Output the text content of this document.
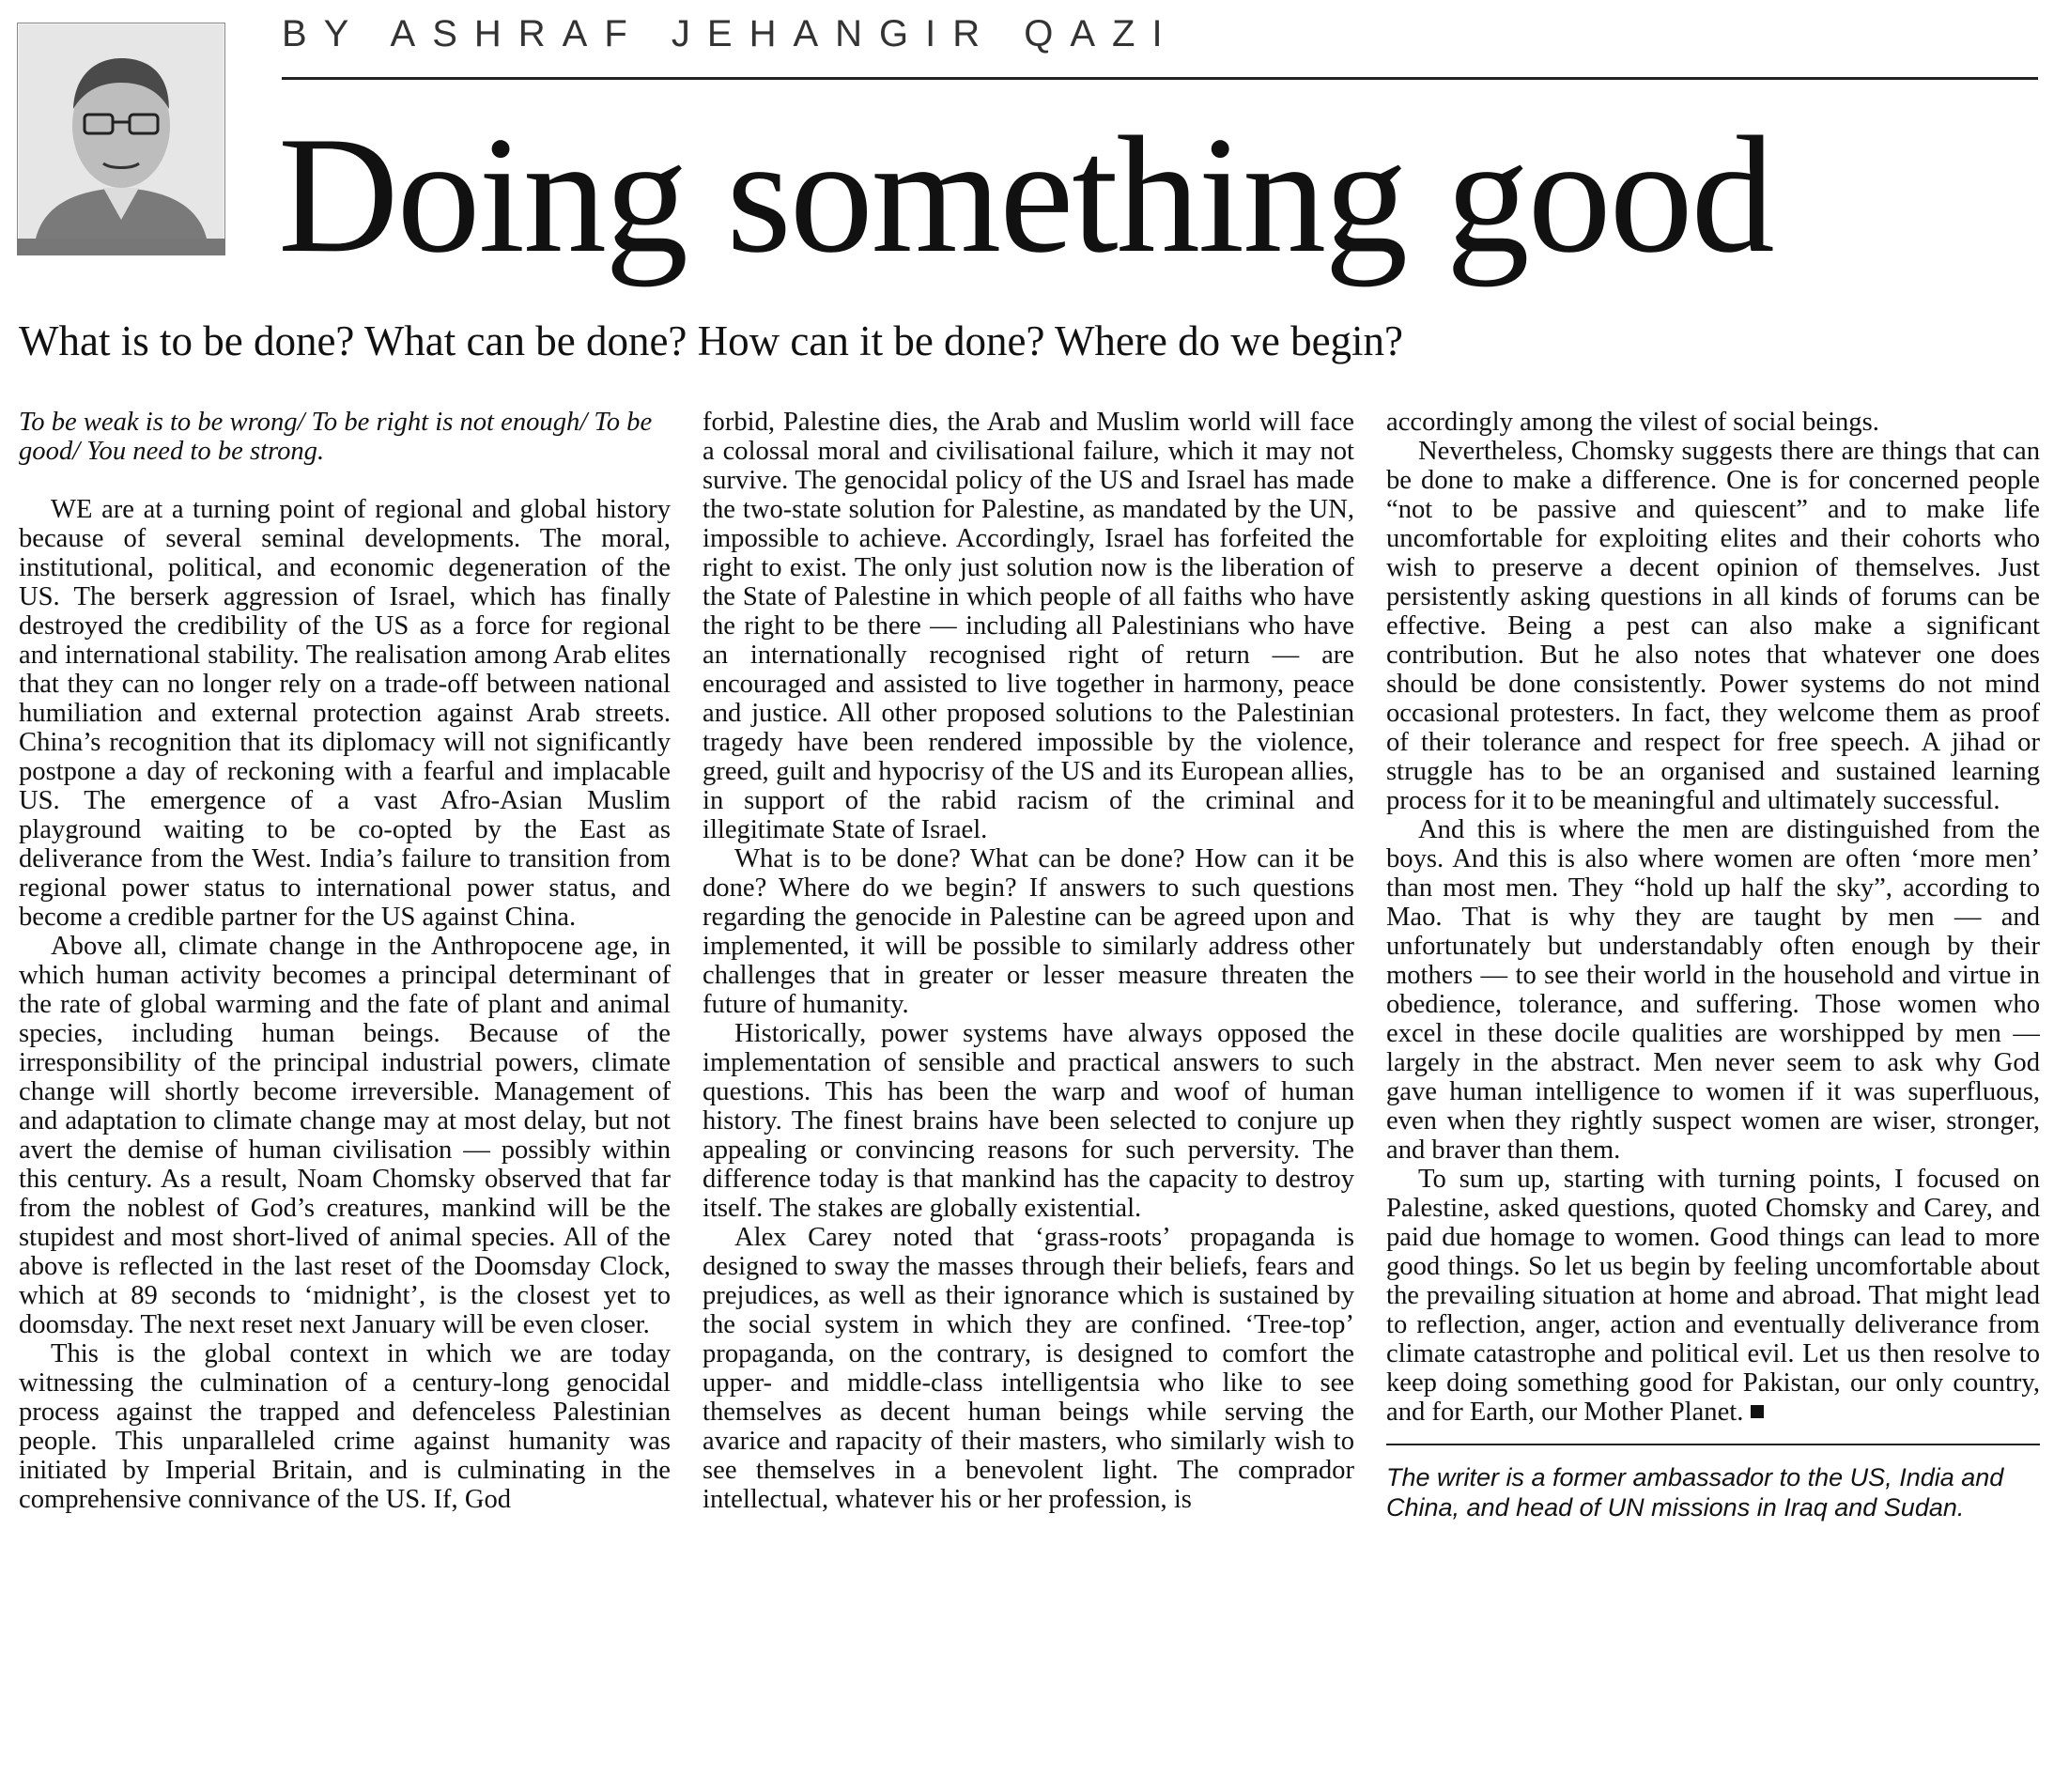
BY ASHRAF JEHANGIR QAZI
Doing something good
What is to be done? What can be done? How can it be done? Where do we begin?

To be weak is to be wrong/ To be right is not enough/ To be good/ You need to be strong.

WE are at a turning point of regional and global history because of several seminal developments. The moral, institutional, political, and economic degeneration of the US. The berserk aggression of Israel, which has finally destroyed the credibility of the US as a force for regional and international stability. The realisation among Arab elites that they can no longer rely on a trade-off between national humiliation and external protection against Arab streets. China’s recognition that its diplomacy will not significantly postpone a day of reckoning with a fearful and implacable US. The emergence of a vast Afro-Asian Muslim playground waiting to be co-opted by the East as deliverance from the West. India’s failure to transition from regional power status to international power status, and become a credible partner for the US against China.

Above all, climate change in the Anthropocene age, in which human activity becomes a principal determinant of the rate of global warming and the fate of plant and animal species, including human beings. Because of the irresponsibility of the principal industrial powers, climate change will shortly become irreversible. Management of and adaptation to climate change may at most delay, but not avert the demise of human civilisation — possibly within this century. As a result, Noam Chomsky observed that far from the noblest of God’s creatures, mankind will be the stupidest and most short-lived of animal species. All of the above is reflected in the last reset of the Doomsday Clock, which at 89 seconds to ‘midnight’, is the closest yet to doomsday. The next reset next January will be even closer.

This is the global context in which we are today witnessing the culmination of a century-long genocidal process against the trapped and defenceless Palestinian people. This unparalleled crime against humanity was initiated by Imperial Britain, and is culminating in the comprehensive connivance of the US. If, God

forbid, Palestine dies, the Arab and Muslim world will face a colossal moral and civilisational failure, which it may not survive. The genocidal policy of the US and Israel has made the two-state solution for Palestine, as mandated by the UN, impossible to achieve. Accordingly, Israel has forfeited the right to exist. The only just solution now is the liberation of the State of Palestine in which people of all faiths who have the right to be there — including all Palestinians who have an internationally recognised right of return — are encouraged and assisted to live together in harmony, peace and justice. All other proposed solutions to the Palestinian tragedy have been rendered impossible by the violence, greed, guilt and hypocrisy of the US and its European allies, in support of the rabid racism of the criminal and illegitimate State of Israel.

What is to be done? What can be done? How can it be done? Where do we begin? If answers to such questions regarding the genocide in Palestine can be agreed upon and implemented, it will be possible to similarly address other challenges that in greater or lesser measure threaten the future of humanity.

Historically, power systems have always opposed the implementation of sensible and practical answers to such questions. This has been the warp and woof of human history. The finest brains have been selected to conjure up appealing or convincing reasons for such perversity. The difference today is that mankind has the capacity to destroy itself. The stakes are globally existential.

Alex Carey noted that ‘grass-roots’ propaganda is designed to sway the masses through their beliefs, fears and prejudices, as well as their ignorance which is sustained by the social system in which they are confined. ‘Tree-top’ propaganda, on the contrary, is designed to comfort the upper- and middle-class intelligentsia who like to see themselves as decent human beings while serving the avarice and rapacity of their masters, who similarly wish to see themselves in a benevolent light. The comprador intellectual, whatever his or her profession, is

accordingly among the vilest of social beings.

Nevertheless, Chomsky suggests there are things that can be done to make a difference. One is for concerned people “not to be passive and quiescent” and to make life uncomfortable for exploiting elites and their cohorts who wish to preserve a decent opinion of themselves. Just persistently asking questions in all kinds of forums can be effective. Being a pest can also make a significant contribution. But he also notes that whatever one does should be done consistently. Power systems do not mind occasional protesters. In fact, they welcome them as proof of their tolerance and respect for free speech. A jihad or struggle has to be an organised and sustained learning process for it to be meaningful and ultimately successful.

And this is where the men are distinguished from the boys. And this is also where women are often ‘more men’ than most men. They “hold up half the sky”, according to Mao. That is why they are taught by men — and unfortunately but understandably often enough by their mothers — to see their world in the household and virtue in obedience, tolerance, and suffering. Those women who excel in these docile qualities are worshipped by men — largely in the abstract. Men never seem to ask why God gave human intelligence to women if it was superfluous, even when they rightly suspect women are wiser, stronger, and braver than them.

To sum up, starting with turning points, I focused on Palestine, asked questions, quoted Chomsky and Carey, and paid due homage to women. Good things can lead to more good things. So let us begin by feeling uncomfortable about the prevailing situation at home and abroad. That might lead to reflection, anger, action and eventually deliverance from climate catastrophe and political evil. Let us then resolve to keep doing something good for Pakistan, our only country, and for Earth, our Mother Planet.

The writer is a former ambassador to the US, India and China, and head of UN missions in Iraq and Sudan.
